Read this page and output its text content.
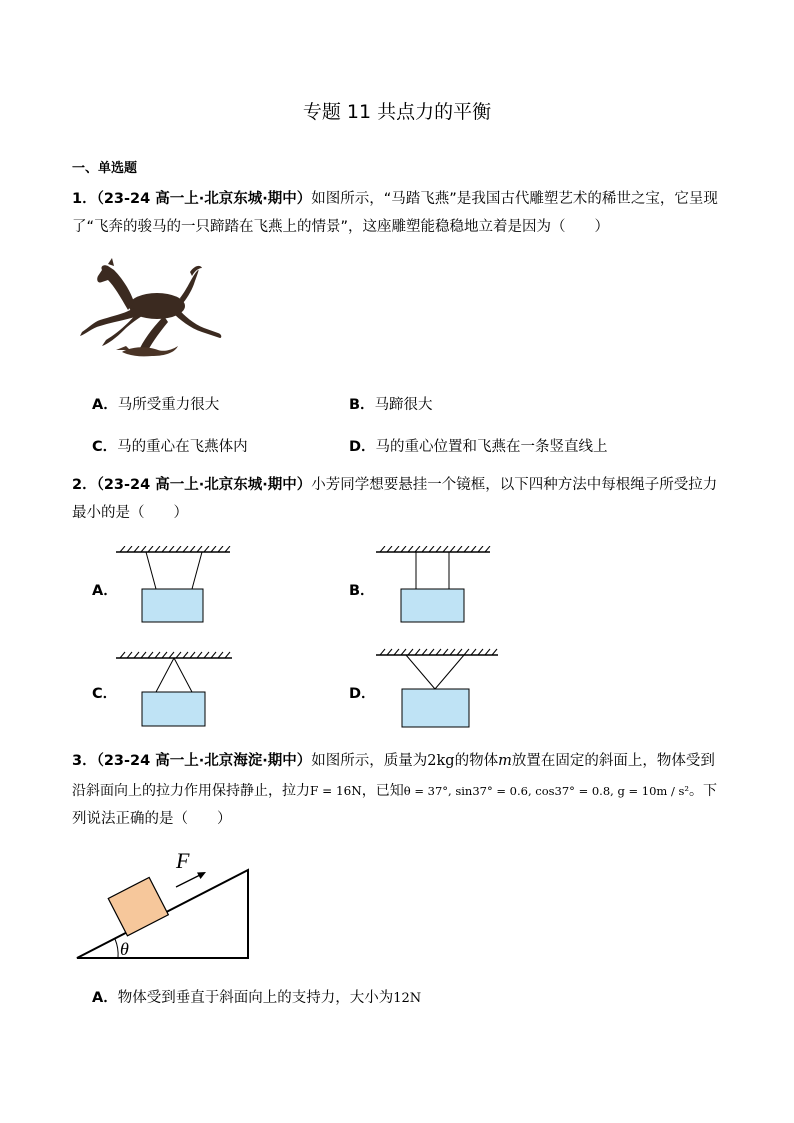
专题 11 共点力的平衡
一、单选题
1．（23-24 高一上·北京东城·期中）如图所示，“马踏飞燕”是我国古代雕塑艺术的稀世之宝，它呈现
了“飞奔的骏马的一只蹄踏在飞燕上的情景”，这座雕塑能稳稳地立着是因为（　　）
A．马所受重力很大	B．马蹄很大
C．马的重心在飞燕体内	D．马的重心位置和飞燕在一条竖直线上
2．（23-24 高一上·北京东城·期中）小芳同学想要悬挂一个镜框，以下四种方法中每根绳子所受拉力
最小的是（　　）
A．	B．
C．	D．
3．（23-24 高一上·北京海淀·期中）如图所示，质量为2kg的物体m放置在固定的斜面上，物体受到
沿斜面向上的拉力作用保持静止，拉力F = 16N，已知θ = 37°, sin37° = 0.6, cos37° = 0.8, g = 10m / s²。下
列说法正确的是（　　）
F
θ
A．物体受到垂直于斜面向上的支持力，大小为12N
